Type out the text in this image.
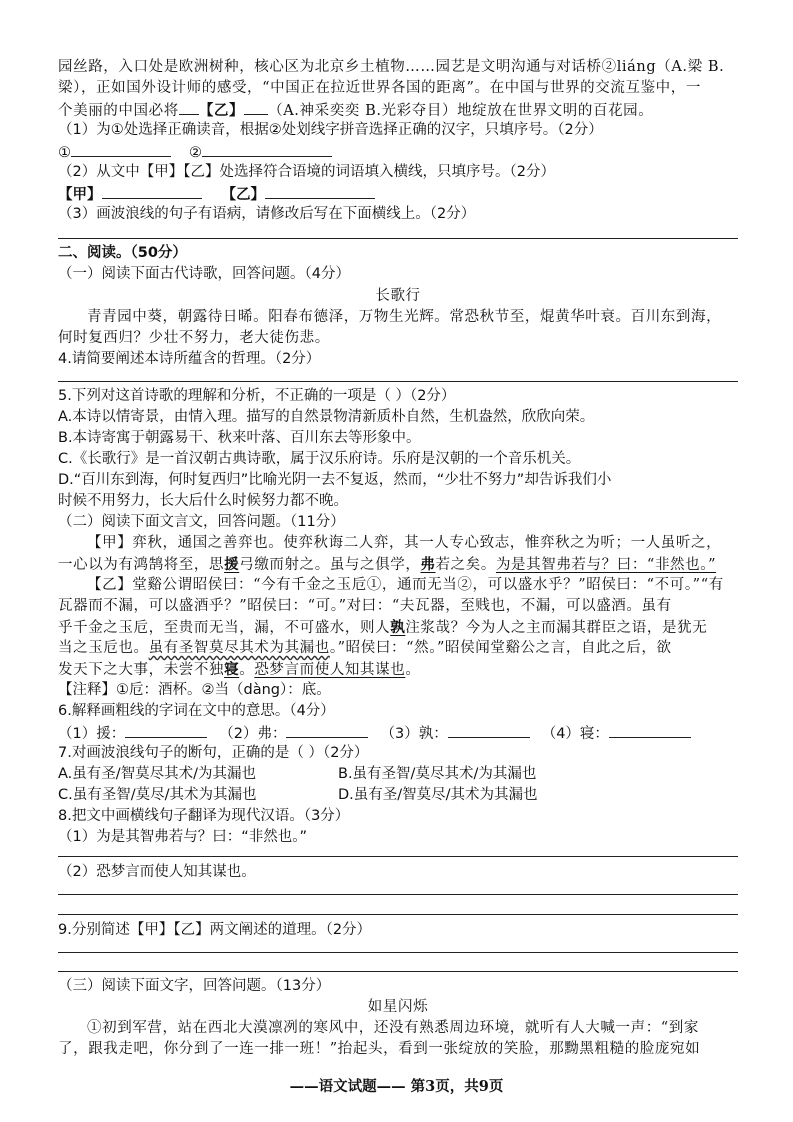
园丝路，入口处是欧洲树种，核心区为北京乡土植物……园艺是文明沟通与对话桥②liáng（A.梁 B.
梁），正如国外设计师的感受，“中国正在拉近世界各国的距离”。在中国与世界的交流互鉴中，一
个美丽的中国必将 【乙】 （A.神采奕奕 B.光彩夺目）地绽放在世界文明的百花园。
（1）为①处选择正确读音，根据②处划线字拼音选择正确的汉字，只填序号。（2分）
①	②
（2）从文中【甲】【乙】处选择符合语境的词语填入横线，只填序号。（2分）
【甲】	【乙】
（3）画波浪线的句子有语病，请修改后写在下面横线上。（2分）
二、阅读。（50分）
（一）阅读下面古代诗歌，回答问题。（4分）
长歌行
青青园中葵，朝露待日晞。阳春布德泽，万物生光辉。常恐秋节至，焜黄华叶衰。百川东到海，
何时复西归？少壮不努力，老大徒伤悲。
4.请简要阐述本诗所蕴含的哲理。（2分）
5.下列对这首诗歌的理解和分析，不正确的一项是（ ）（2分）
A.本诗以情寄景，由情入理。描写的自然景物清新质朴自然，生机盎然，欣欣向荣。
B.本诗寄寓于朝露易干、秋来叶落、百川东去等形象中。
C.《长歌行》是一首汉朝古典诗歌，属于汉乐府诗。乐府是汉朝的一个音乐机关。
D.“百川东到海，何时复西归”比喻光阴一去不复返，然而，“少壮不努力”却告诉我们小
时候不用努力，长大后什么时候努力都不晚。
（二）阅读下面文言文，回答问题。（11分）
【甲】弈秋，通国之善弈也。使弈秋诲二人弈，其一人专心致志，惟弈秋之为听；一人虽听之，
一心以为有鸿鹄将至，思援弓缴而射之。虽与之俱学，弗若之矣。为是其智弗若与？曰：“非然也。”
【乙】堂谿公谓昭侯曰：“今有千金之玉卮①，通而无当②，可以盛水乎？”昭侯曰：“不可。”“有
瓦器而不漏，可以盛酒乎？”昭侯曰：“可。”对曰：“夫瓦器，至贱也，不漏，可以盛酒。虽有
乎千金之玉卮，至贵而无当，漏，不可盛水，则人孰注浆哉？今为人之主而漏其群臣之语，是犹无
当之玉卮也。虽有圣智莫尽其术为其漏也。”昭侯曰：“然。”昭侯闻堂谿公之言，自此之后，欲
发天下之大事，未尝不独寝。恐梦言而使人知其谋也。
【注释】①卮：酒杯。②当（dàng）：底。
6.解释画粗线的字词在文中的意思。（4分）
（1）援：	（2）弗：	（3）孰：	（4）寝：
7.对画波浪线句子的断句，正确的是（ ）（2分）
A.虽有圣/智莫尽其术/为其漏也	B.虽有圣智/莫尽其术/为其漏也
C.虽有圣智/莫尽/其术为其漏也	D.虽有圣/智莫尽/其术为其漏也
8.把文中画横线句子翻译为现代汉语。（3分）
（1）为是其智弗若与？曰：“非然也。”
（2）恐梦言而使人知其谋也。
9.分别简述【甲】【乙】两文阐述的道理。（2分）
（三）阅读下面文字，回答问题。（13分）
如星闪烁
①初到军营，站在西北大漠凛冽的寒风中，还没有熟悉周边环境，就听有人大喊一声：“到家
了，跟我走吧，你分到了一连一排一班！”抬起头，看到一张绽放的笑脸，那黝黑粗糙的脸庞宛如
——语文试题—— 第3页，共9页
